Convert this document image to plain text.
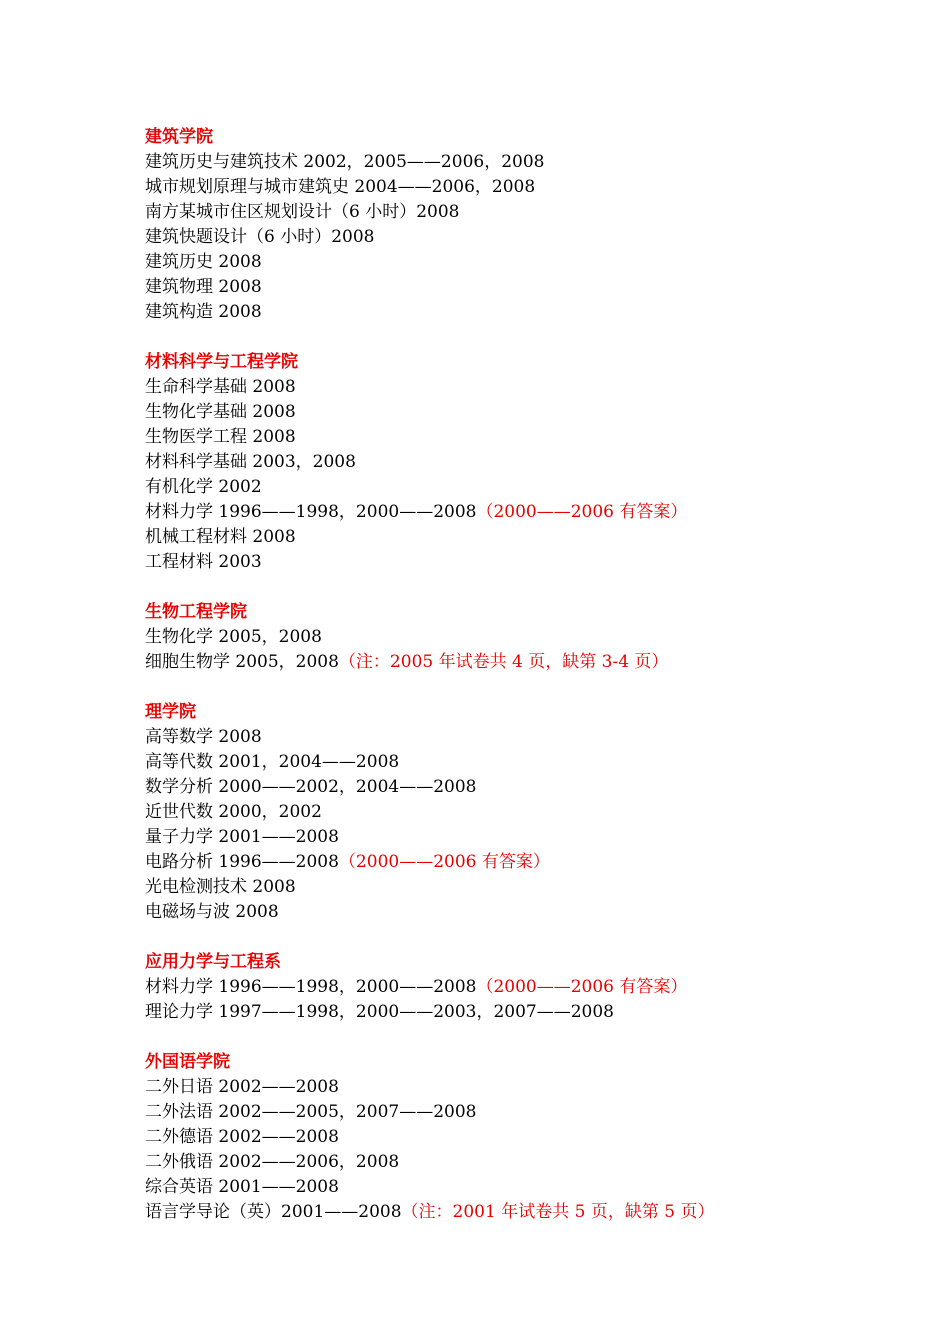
建筑学院
建筑历史与建筑技术 2002，2005——2006，2008
城市规划原理与城市建筑史 2004——2006，2008
南方某城市住区规划设计（6 小时）2008
建筑快题设计（6 小时）2008
建筑历史 2008
建筑物理 2008
建筑构造 2008
材料科学与工程学院
生命科学基础 2008
生物化学基础 2008
生物医学工程 2008
材料科学基础 2003，2008
有机化学 2002
材料力学 1996——1998，2000——2008（2000——2006 有答案）
机械工程材料 2008
工程材料 2003
生物工程学院
生物化学 2005，2008
细胞生物学 2005，2008（注：2005 年试卷共 4 页，缺第 3-4 页）
理学院
高等数学 2008
高等代数 2001，2004——2008
数学分析 2000——2002，2004——2008
近世代数 2000，2002
量子力学 2001——2008
电路分析 1996——2008（2000——2006 有答案）
光电检测技术 2008
电磁场与波 2008
应用力学与工程系
材料力学 1996——1998，2000——2008（2000——2006 有答案）
理论力学 1997——1998，2000——2003，2007——2008
外国语学院
二外日语 2002——2008
二外法语 2002——2005，2007——2008
二外德语 2002——2008
二外俄语 2002——2006，2008
综合英语 2001——2008
语言学导论（英）2001——2008（注：2001 年试卷共 5 页，缺第 5 页）
